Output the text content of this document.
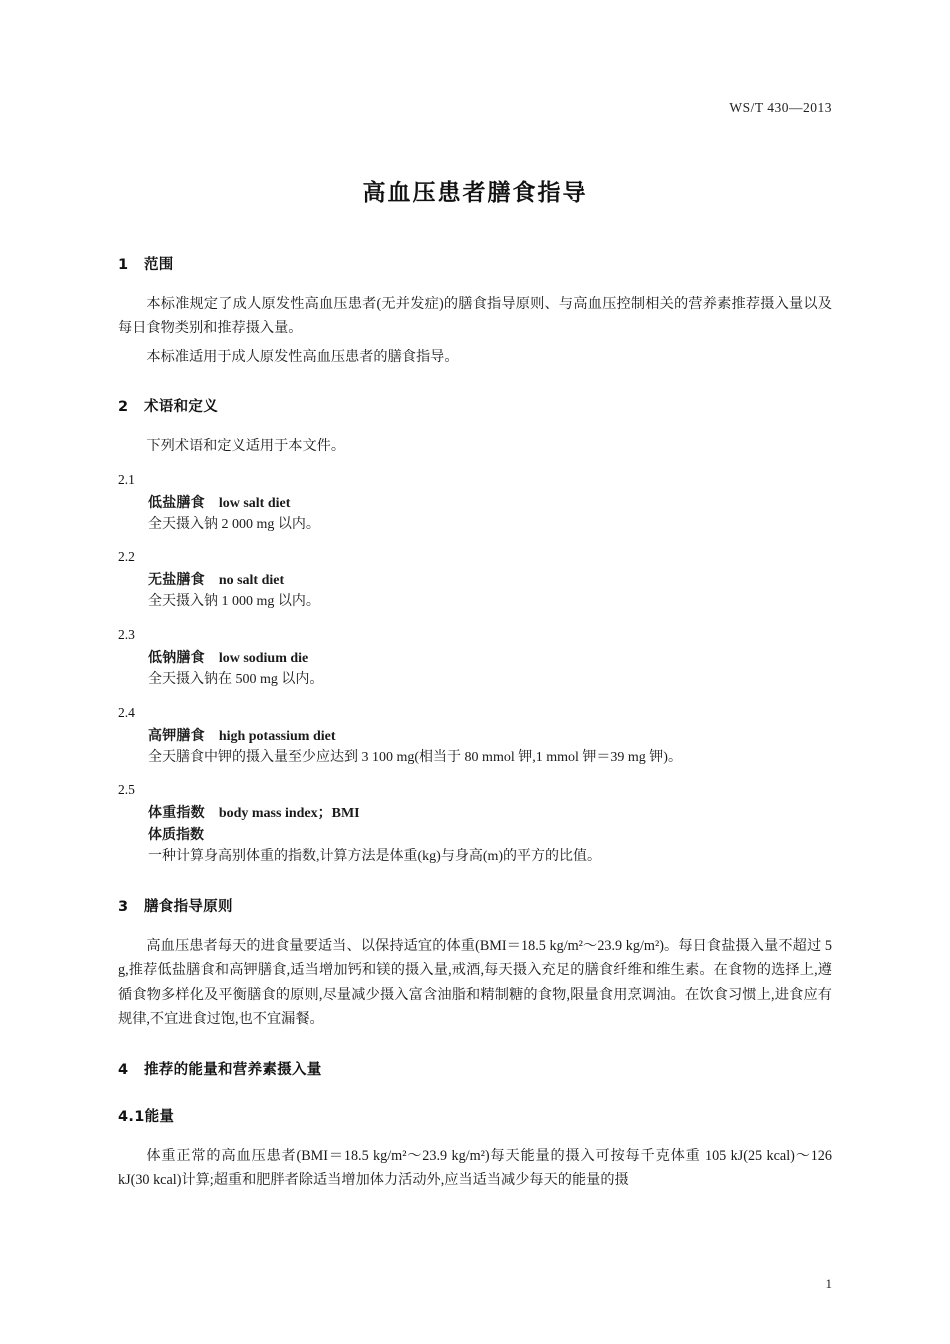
WS/T 430—2013
高血压患者膳食指导
1 范围

本标准规定了成人原发性高血压患者(无并发症)的膳食指导原则、与高血压控制相关的营养素推荐摄入量以及每日食物类别和推荐摄入量。

本标准适用于成人原发性高血压患者的膳食指导。

2 术语和定义

下列术语和定义适用于本文件。

2.1
低盐膳食 low salt diet
全天摄入钠 2 000 mg 以内。
2.2
无盐膳食 no salt diet
全天摄入钠 1 000 mg 以内。
2.3
低钠膳食 low sodium die
全天摄入钠在 500 mg 以内。
2.4
高钾膳食 high potassium diet
全天膳食中钾的摄入量至少应达到 3 100 mg(相当于 80 mmol 钾,1 mmol 钾＝39 mg 钾)。
2.5
体重指数 body mass index；BMI
体质指数
一种计算身高别体重的指数,计算方法是体重(kg)与身高(m)的平方的比值。
3 膳食指导原则

高血压患者每天的进食量要适当、以保持适宜的体重(BMI＝18.5 kg/m²～23.9 kg/m²)。每日食盐摄入量不超过 5 g,推荐低盐膳食和高钾膳食,适当增加钙和镁的摄入量,戒酒,每天摄入充足的膳食纤维和维生素。在食物的选择上,遵循食物多样化及平衡膳食的原则,尽量减少摄入富含油脂和精制糖的食物,限量食用烹调油。在饮食习惯上,进食应有规律,不宜进食过饱,也不宜漏餐。

4 推荐的能量和营养素摄入量
4.1能量

体重正常的高血压患者(BMI＝18.5 kg/m²～23.9 kg/m²)每天能量的摄入可按每千克体重 105 kJ(25 kcal)～126 kJ(30 kcal)计算;超重和肥胖者除适当增加体力活动外,应当适当减少每天的能量的摄

1
